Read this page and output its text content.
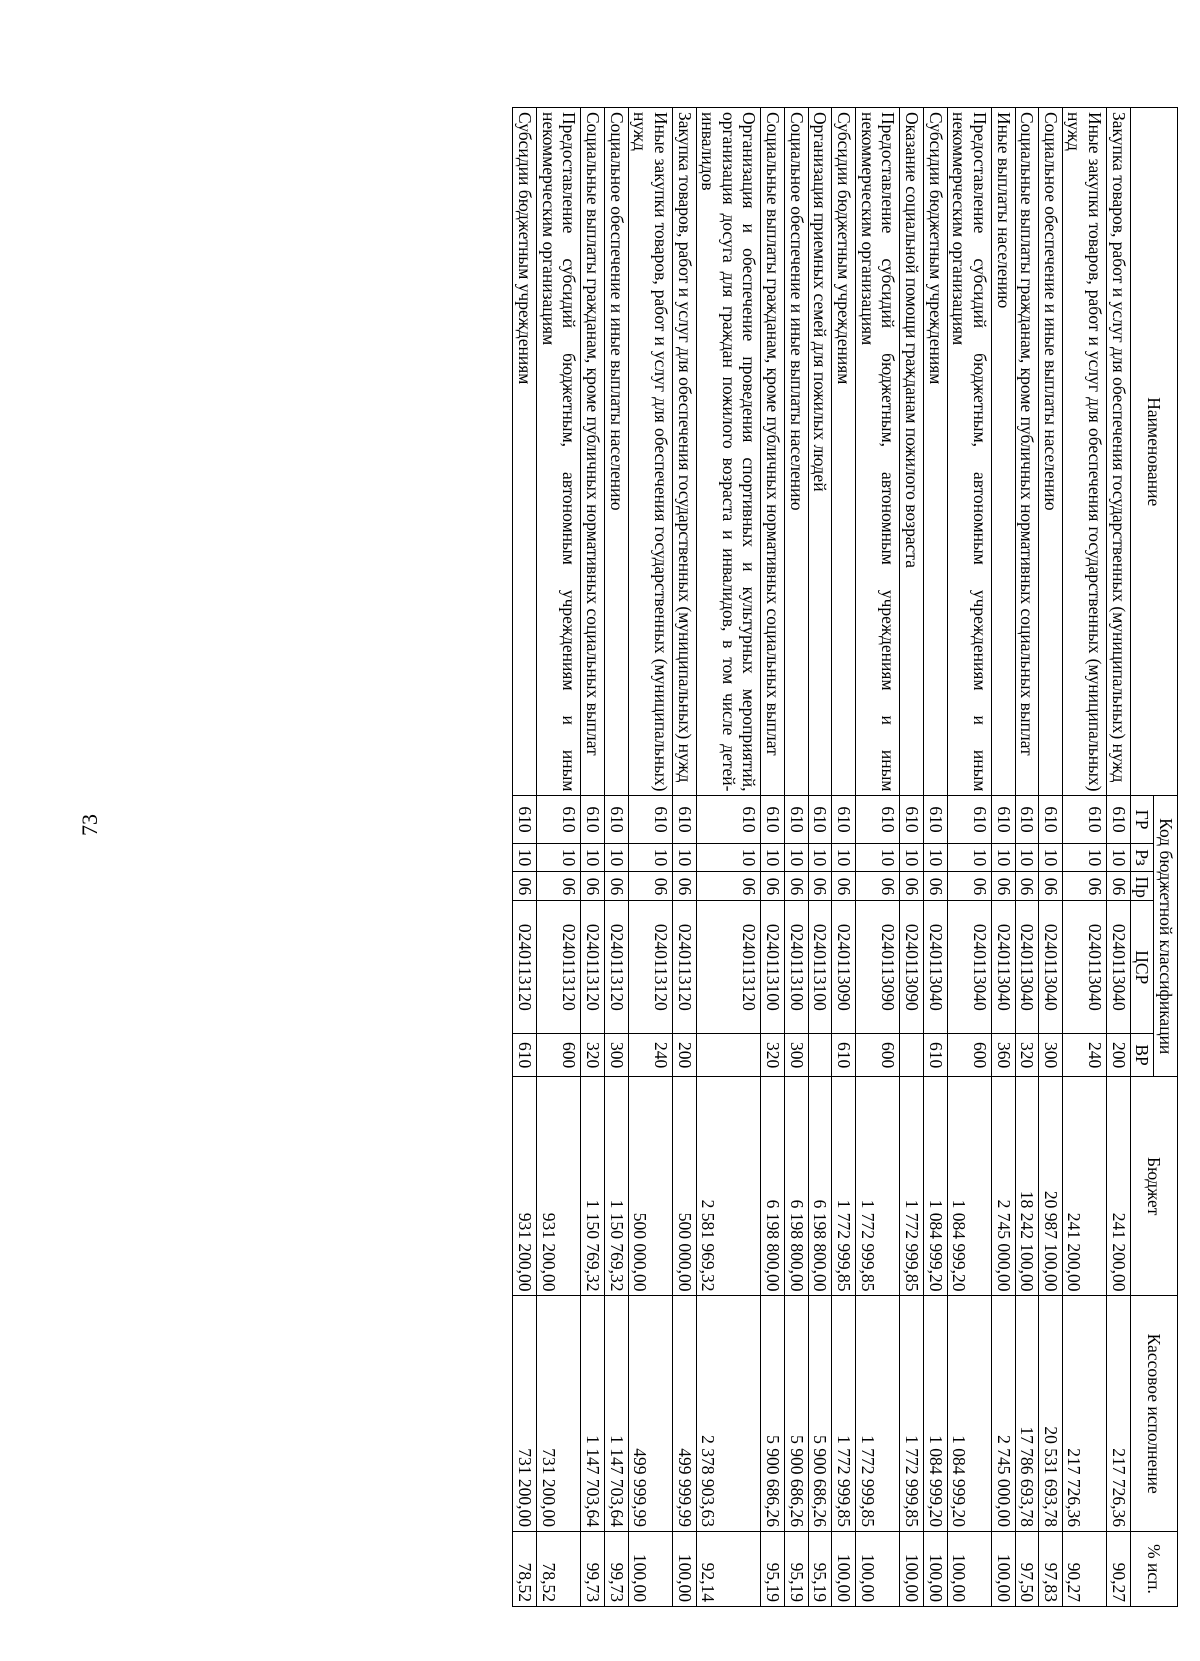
73
Наименование	Код бюджетной классификации					Бюджет	Кассовое исполнение	% исп.
	ГР	Рз	Пр	ЦСР	ВР			
Закупка товаров, работ и услуг для обеспечения государственных (муниципальных) нужд	610	10	06	0240113040	200	241 200,00	217 726,36	90,27
Иные закупки товаров, работ и услуг для обеспечения государственных (муниципальных) нужд	610	10	06	0240113040	240	241 200,00	217 726,36	90,27
Социальное обеспечение и иные выплаты населению	610	10	06	0240113040	300	20 987 100,00	20 531 693,78	97,83
Социальные выплаты гражданам, кроме публичных нормативных социальных выплат	610	10	06	0240113040	320	18 242 100,00	17 786 693,78	97,50
Иные выплаты населению	610	10	06	0240113040	360	2 745 000,00	2 745 000,00	100,00
Предоставление субсидий бюджетным, автономным учреждениям и иным некоммерческим организациям	610	10	06	0240113040	600	1 084 999,20	1 084 999,20	100,00
Субсидии бюджетным учреждениям	610	10	06	0240113040	610	1 084 999,20	1 084 999,20	100,00
Оказание социальной помощи гражданам пожилого возраста	610	10	06	0240113090		1 772 999,85	1 772 999,85	100,00
Предоставление субсидий бюджетным, автономным учреждениям и иным некоммерческим организациям	610	10	06	0240113090	600	1 772 999,85	1 772 999,85	100,00
Субсидии бюджетным учреждениям	610	10	06	0240113090	610	1 772 999,85	1 772 999,85	100,00
Организация приемных семей для пожилых людей	610	10	06	0240113100		6 198 800,00	5 900 686,26	95,19
Социальное обеспечение и иные выплаты населению	610	10	06	0240113100	300	6 198 800,00	5 900 686,26	95,19
Социальные выплаты гражданам, кроме публичных нормативных социальных выплат	610	10	06	0240113100	320	6 198 800,00	5 900 686,26	95,19
Организация и обеспечение проведения спортивных и культурных мероприятий, организация досуга для граждан пожилого возраста и инвалидов, в том числе детей-инвалидов	610	10	06	0240113120		2 581 969,32	2 378 903,63	92,14
Закупка товаров, работ и услуг для обеспечения государственных (муниципальных) нужд	610	10	06	0240113120	200	500 000,00	499 999,99	100,00
Иные закупки товаров, работ и услуг для обеспечения государственных (муниципальных) нужд	610	10	06	0240113120	240	500 000,00	499 999,99	100,00
Социальное обеспечение и иные выплаты населению	610	10	06	0240113120	300	1 150 769,32	1 147 703,64	99,73
Социальные выплаты гражданам, кроме публичных нормативных социальных выплат	610	10	06	0240113120	320	1 150 769,32	1 147 703,64	99,73
Предоставление субсидий бюджетным, автономным учреждениям и иным некоммерческим организациям	610	10	06	0240113120	600	931 200,00	731 200,00	78,52
Субсидии бюджетным учреждениям	610	10	06	0240113120	610	931 200,00	731 200,00	78,52
